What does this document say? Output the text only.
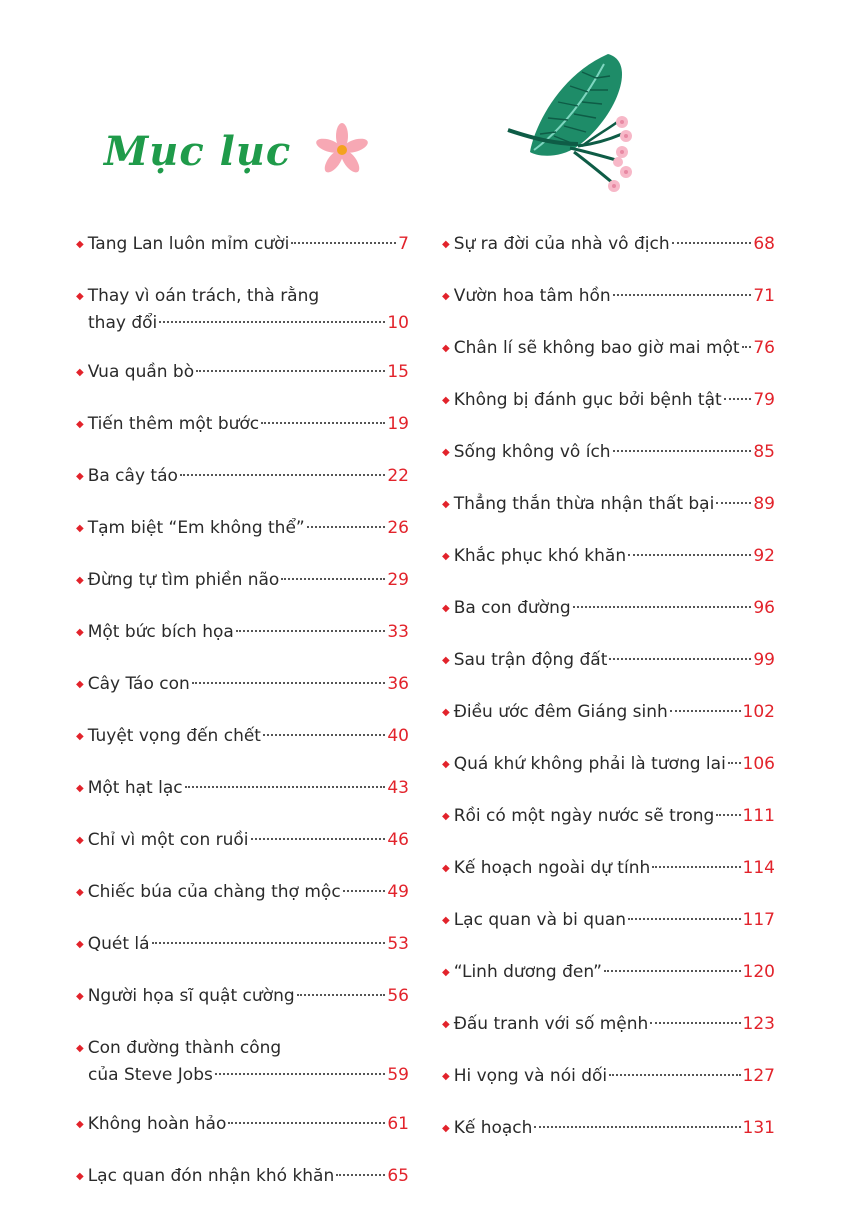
Mục lục
◆ Tang Lan luôn mỉm cười	7
◆ Thay vì oán trách, thà rằng
thay đổi	10
◆ Vua quần bò	15
◆ Tiến thêm một bước	19
◆ Ba cây táo	22
◆ Tạm biệt “Em không thể”	26
◆ Đừng tự tìm phiền não	29
◆ Một bức bích họa	33
◆ Cây Táo con	36
◆ Tuyệt vọng đến chết	40
◆ Một hạt lạc	43
◆ Chỉ vì một con ruồi	46
◆ Chiếc búa của chàng thợ mộc	49
◆ Quét lá	53
◆ Người họa sĩ quật cường	56
◆ Con đường thành công
của Steve Jobs	59
◆ Không hoàn hảo	61
◆ Lạc quan đón nhận khó khăn	65
◆ Sự ra đời của nhà vô địch	68
◆ Vườn hoa tâm hồn	71
◆ Chân lí sẽ không bao giờ mai một 76
◆ Không bị đánh gục bởi bệnh tật 79
◆ Sống không vô ích	85
◆ Thẳng thắn thừa nhận thất bại 89
◆ Khắc phục khó khăn	92
◆ Ba con đường	96
◆ Sau trận động đất	99
◆ Điều ước đêm Giáng sinh	102
◆ Quá khứ không phải là tương lai 106
◆ Rồi có một ngày nước sẽ trong 111
◆ Kế hoạch ngoài dự tính	114
◆ Lạc quan và bi quan	117
◆ “Linh dương đen”	120
◆ Đấu tranh với số mệnh	123
◆ Hi vọng và nói dối	127
◆ Kế hoạch	131
